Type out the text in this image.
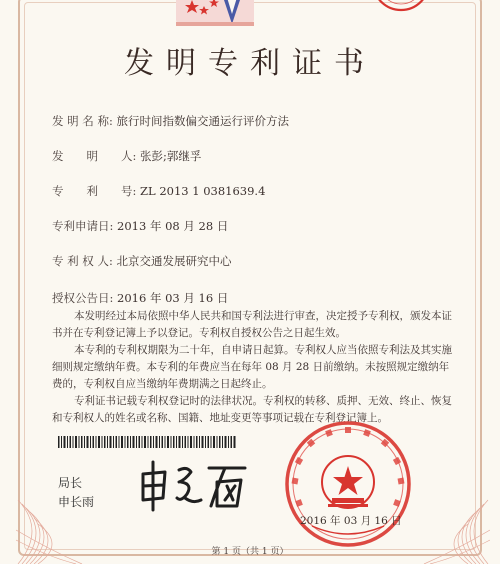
发明专利证书
发 明 名 称: 旅行时间指数偏交通运行评价方法
发　　明　　人: 张彭;郭继孚
专　　利　　号: ZL 2013 1 0381639.4
专利申请日: 2013 年 08 月 28 日
专 利 权 人: 北京交通发展研究中心
授权公告日: 2016 年 03 月 16 日

本发明经过本局依照中华人民共和国专利法进行审查，决定授予专利权，颁发本证书并在专利登记簿上予以登记。专利权自授权公告之日起生效。

本专利的专利权期限为二十年，自申请日起算。专利权人应当依照专利法及其实施细则规定缴纳年费。本专利的年费应当在每年 08 月 28 日前缴纳。未按照规定缴纳年费的，专利权自应当缴纳年费期满之日起终止。

专利证书记载专利权登记时的法律状况。专利权的转移、质押、无效、终止、恢复和专利权人的姓名或名称、国籍、地址变更等事项记载在专利登记簿上。

局长
申长雨
2016 年 03 月 16 日
第 1 页（共 1 页）
